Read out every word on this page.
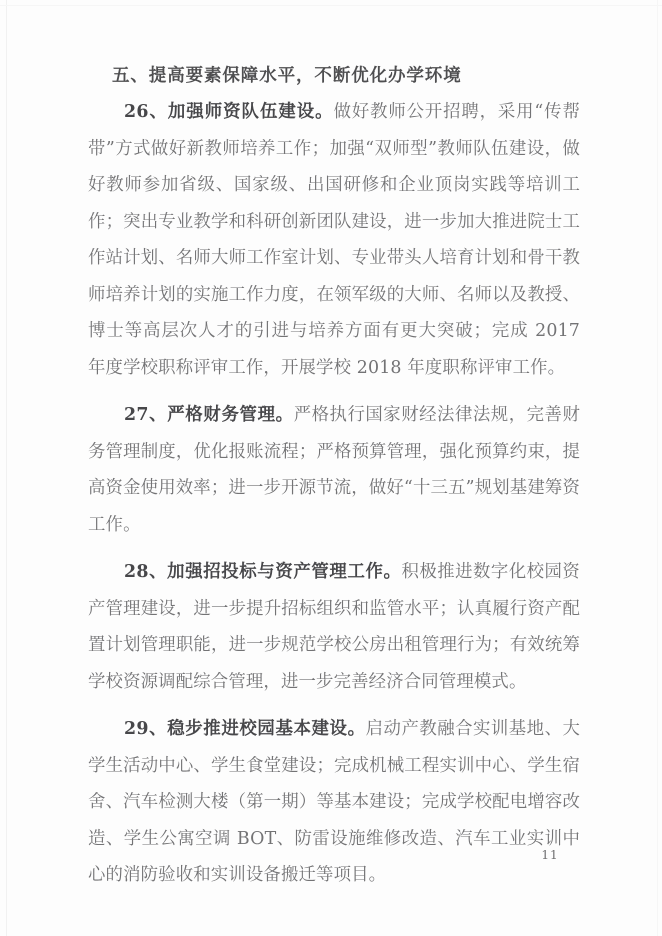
五、提高要素保障水平，不断优化办学环境

26、加强师资队伍建设。做好教师公开招聘，采用“传帮带”方式做好新教师培养工作；加强“双师型”教师队伍建设，做好教师参加省级、国家级、出国研修和企业顶岗实践等培训工作；突出专业教学和科研创新团队建设，进一步加大推进院士工作站计划、名师大师工作室计划、专业带头人培育计划和骨干教师培养计划的实施工作力度，在领军级的大师、名师以及教授、博士等高层次人才的引进与培养方面有更大突破；完成 2017 年度学校职称评审工作，开展学校 2018 年度职称评审工作。

27、严格财务管理。严格执行国家财经法律法规，完善财务管理制度，优化报账流程；严格预算管理，强化预算约束，提高资金使用效率；进一步开源节流，做好“十三五”规划基建筹资工作。

28、加强招投标与资产管理工作。积极推进数字化校园资产管理建设，进一步提升招标组织和监管水平；认真履行资产配置计划管理职能，进一步规范学校公房出租管理行为；有效统筹学校资源调配综合管理，进一步完善经济合同管理模式。

29、稳步推进校园基本建设。启动产教融合实训基地、大学生活动中心、学生食堂建设；完成机械工程实训中心、学生宿舍、汽车检测大楼（第一期）等基本建设；完成学校配电增容改造、学生公寓空调 BOT、防雷设施维修改造、汽车工业实训中心的消防验收和实训设备搬迁等项目。

11
